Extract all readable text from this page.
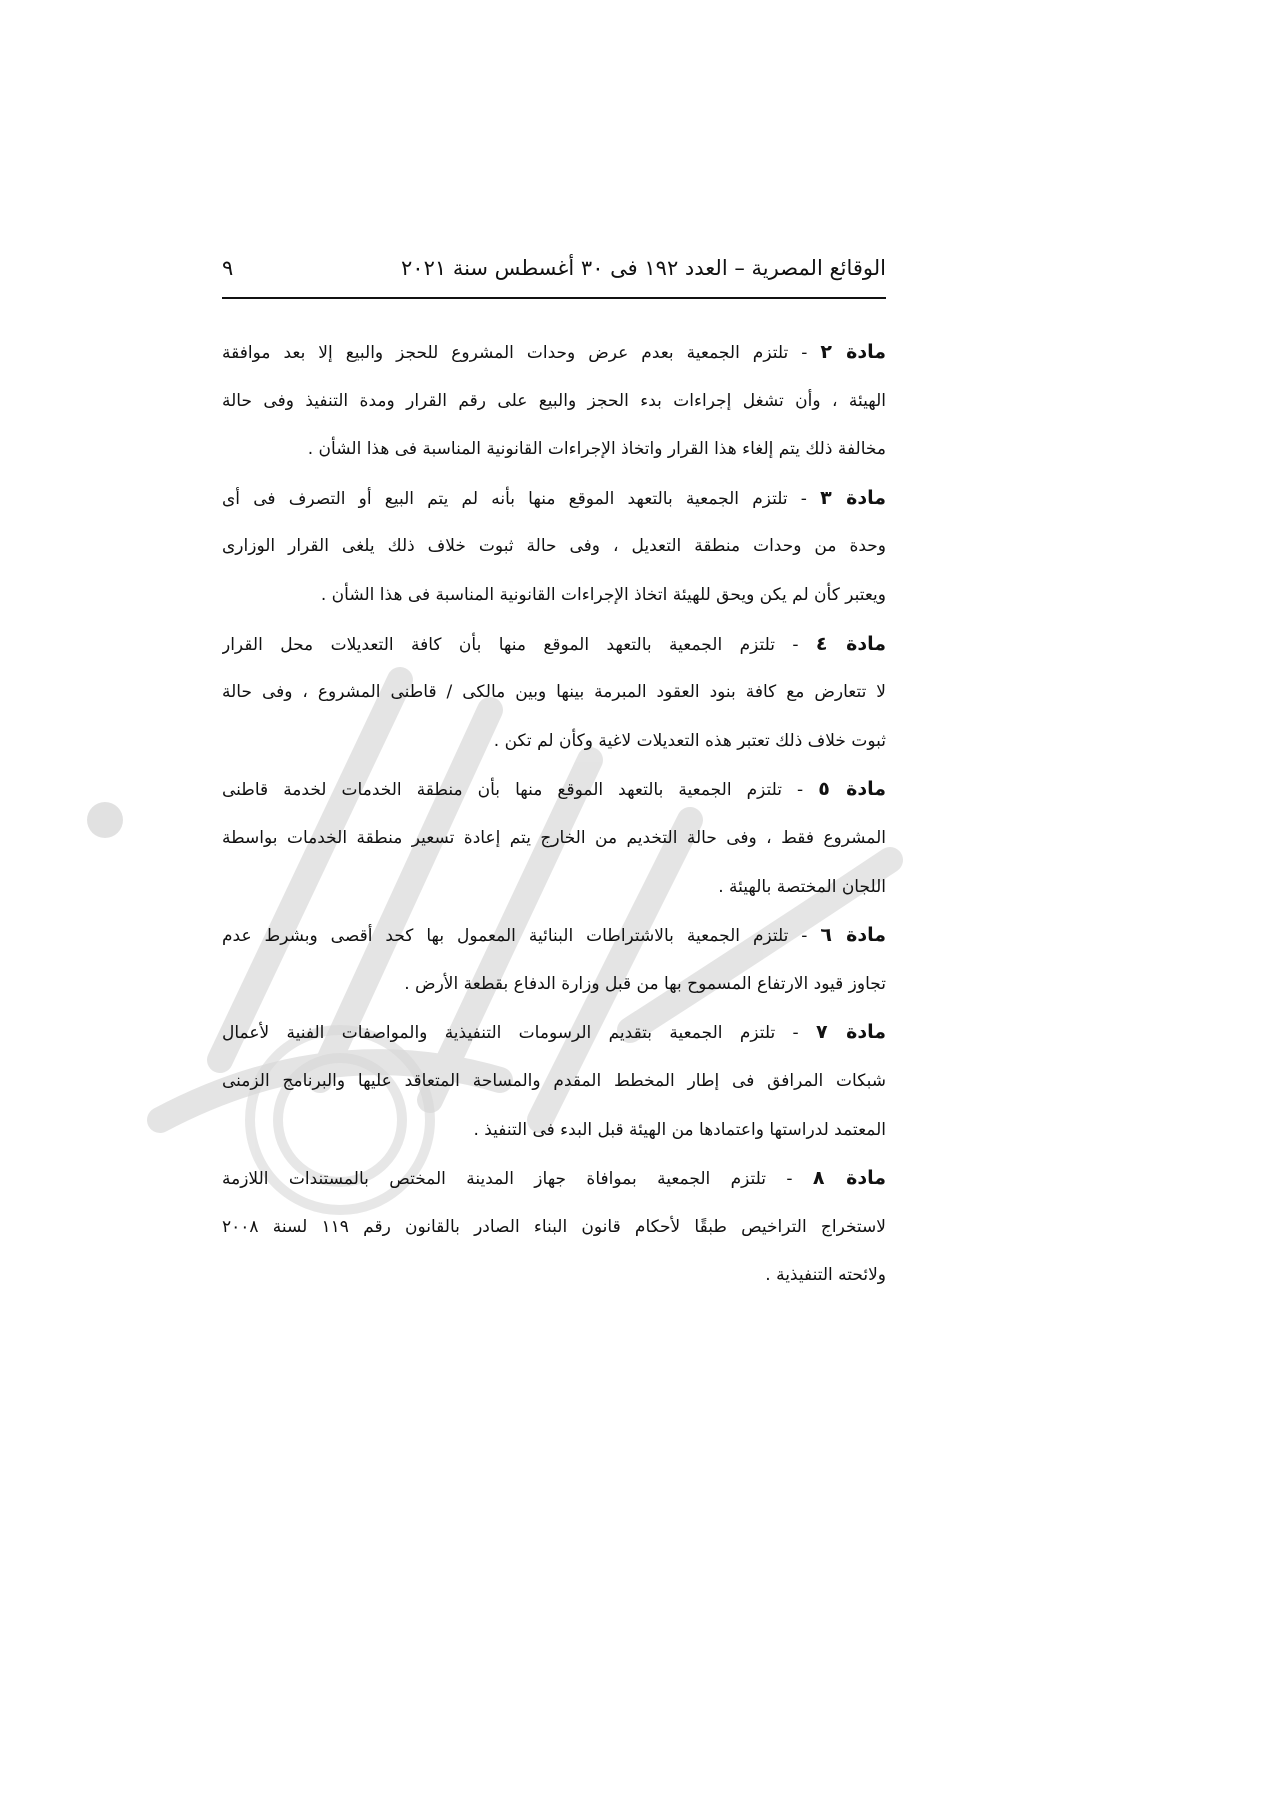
الوقائع المصرية – العدد ١٩٢ فى ٣٠ أغسطس سنة ٢٠٢١
٩
مادة ٢ - تلتزم الجمعية بعدم عرض وحدات المشروع للحجز والبيع إلا بعد موافقة
الهيئة ، وأن تشغل إجراءات بدء الحجز والبيع على رقم القرار ومدة التنفيذ وفى حالة
مخالفة ذلك يتم إلغاء هذا القرار واتخاذ الإجراءات القانونية المناسبة فى هذا الشأن .
مادة ٣ - تلتزم الجمعية بالتعهد الموقع منها بأنه لم يتم البيع أو التصرف فى أى
وحدة من وحدات منطقة التعديل ، وفى حالة ثبوت خلاف ذلك يلغى القرار الوزارى
ويعتبر كأن لم يكن ويحق للهيئة اتخاذ الإجراءات القانونية المناسبة فى هذا الشأن .
مادة ٤ - تلتزم الجمعية بالتعهد الموقع منها بأن كافة التعديلات محل القرار
لا تتعارض مع كافة بنود العقود المبرمة بينها وبين مالكى / قاطنى المشروع ، وفى حالة
ثبوت خلاف ذلك تعتبر هذه التعديلات لاغية وكأن لم تكن .
مادة ٥ - تلتزم الجمعية بالتعهد الموقع منها بأن منطقة الخدمات لخدمة قاطنى
المشروع فقط ، وفى حالة التخديم من الخارج يتم إعادة تسعير منطقة الخدمات بواسطة
اللجان المختصة بالهيئة .
مادة ٦ - تلتزم الجمعية بالاشتراطات البنائية المعمول بها كحد أقصى وبشرط عدم
تجاوز قيود الارتفاع المسموح بها من قبل وزارة الدفاع بقطعة الأرض .
مادة ٧ - تلتزم الجمعية بتقديم الرسومات التنفيذية والمواصفات الفنية لأعمال
شبكات المرافق فى إطار المخطط المقدم والمساحة المتعاقد عليها والبرنامج الزمنى
المعتمد لدراستها واعتمادها من الهيئة قبل البدء فى التنفيذ .
مادة ٨ - تلتزم الجمعية بموافاة جهاز المدينة المختص بالمستندات اللازمة
لاستخراج التراخيص طبقًا لأحكام قانون البناء الصادر بالقانون رقم ١١٩ لسنة ٢٠٠٨
ولائحته التنفيذية .
